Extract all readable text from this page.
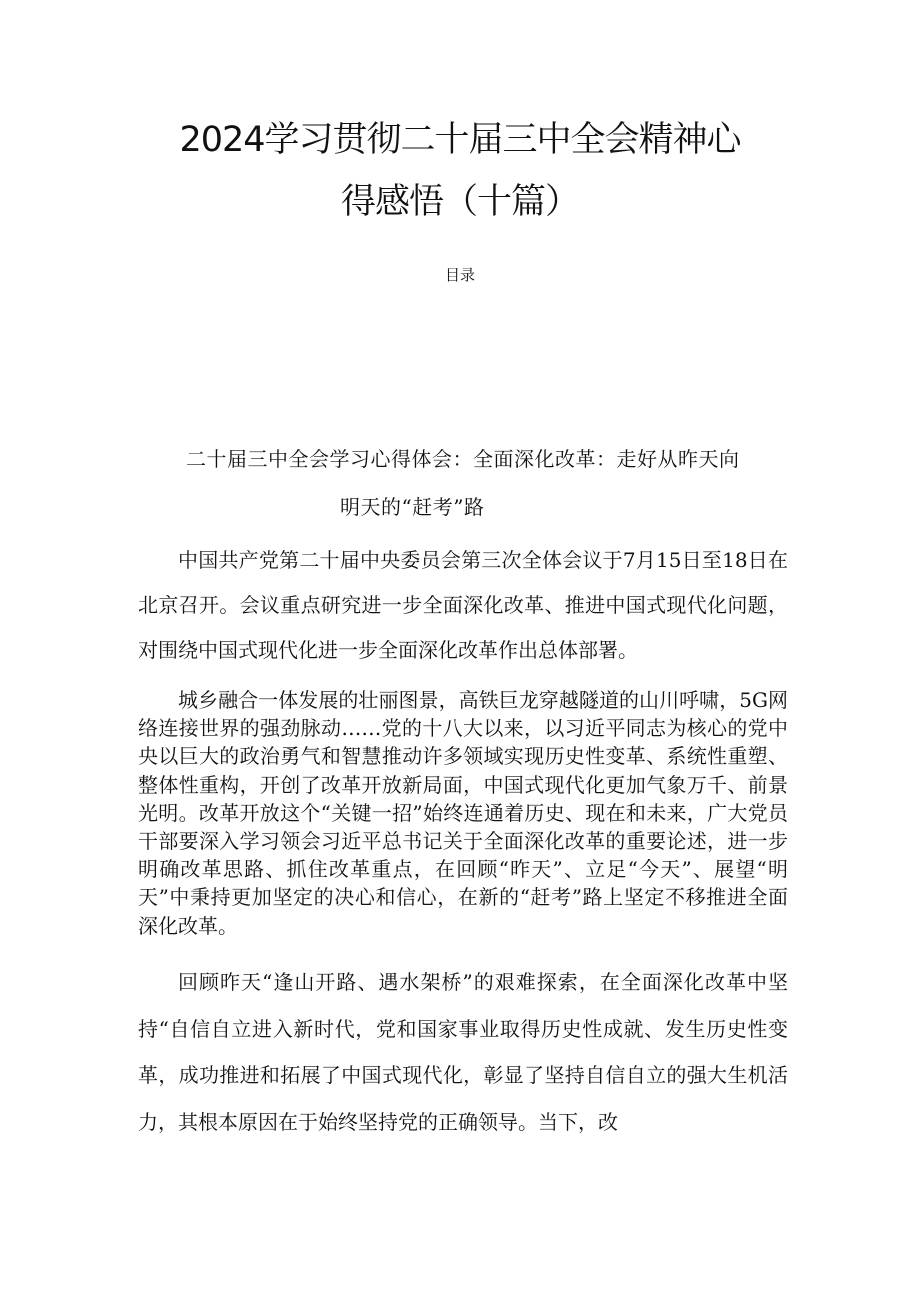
2024学习贯彻二十届三中全会精神心
得感悟（十篇）
目录
二十届三中全会学习心得体会：全面深化改革：走好从昨天向
明天的“赶考”路

中国共产党第二十届中央委员会第三次全体会议于7月15日至18日在北京召开。会议重点研究进一步全面深化改革、推进中国式现代化问题，对围绕中国式现代化进一步全面深化改革作出总体部署。

城乡融合一体发展的壮丽图景，高铁巨龙穿越隧道的山川呼啸，5G网络连接世界的强劲脉动……党的十八大以来，以习近平同志为核心的党中央以巨大的政治勇气和智慧推动许多领域实现历史性变革、系统性重塑、整体性重构，开创了改革开放新局面，中国式现代化更加气象万千、前景光明。改革开放这个“关键一招”始终连通着历史、现在和未来，广大党员干部要深入学习领会习近平总书记关于全面深化改革的重要论述，进一步明确改革思路、抓住改革重点，在回顾“昨天”、立足“今天”、展望“明天”中秉持更加坚定的决心和信心，在新的“赶考”路上坚定不移推进全面深化改革。

回顾昨天“逢山开路、遇水架桥”的艰难探索，在全面深化改革中坚持“自信自立进入新时代，党和国家事业取得历史性成就、发生历史性变革，成功推进和拓展了中国式现代化，彰显了坚持自信自立的强大生机活力，其根本原因在于始终坚持党的正确领导。当下，改
